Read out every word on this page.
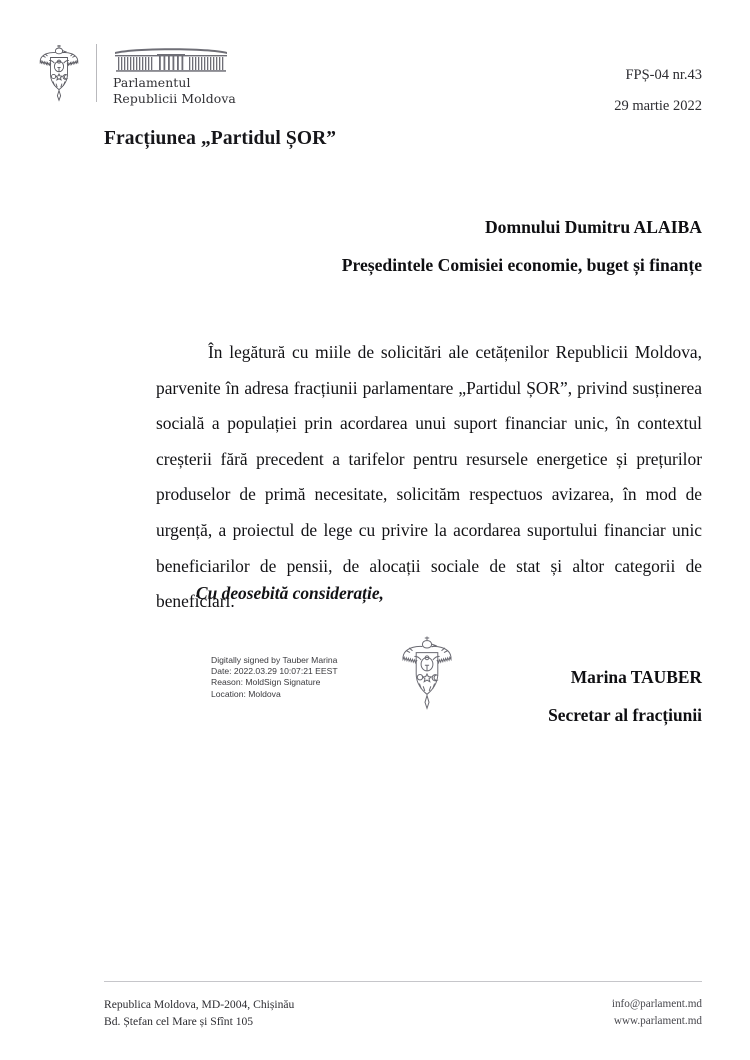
Parlamentul
Republicii Moldova
FPȘ-04 nr.43
29 martie 2022
Fracțiunea „Partidul ȘOR”
Domnului Dumitru ALAIBA
Președintele Comisiei economie, buget și finanțe
În legătură cu miile de solicitări ale cetățenilor Republicii Moldova, parvenite în adresa fracțiunii parlamentare „Partidul ȘOR”, privind susținerea socială a populației prin acordarea unui suport financiar unic, în contextul creșterii fără precedent a tarifelor pentru resursele energetice și prețurilor produselor de primă necesitate, solicităm respectuos avizarea, în mod de urgență, a proiectul de lege cu privire la acordarea suportului financiar unic beneficiarilor de pensii, de alocații sociale de stat și altor categorii de beneficiari.
Cu deosebită considerație,
Digitally signed by Tauber Marina
Date: 2022.03.29 10:07:21 EEST
Reason: MoldSign Signature
Location: Moldova
Marina TAUBER
Secretar al fracțiunii
Republica Moldova, MD-2004, Chișinău
Bd. Ștefan cel Mare și Sfînt 105
info@parlament.md
www.parlament.md
